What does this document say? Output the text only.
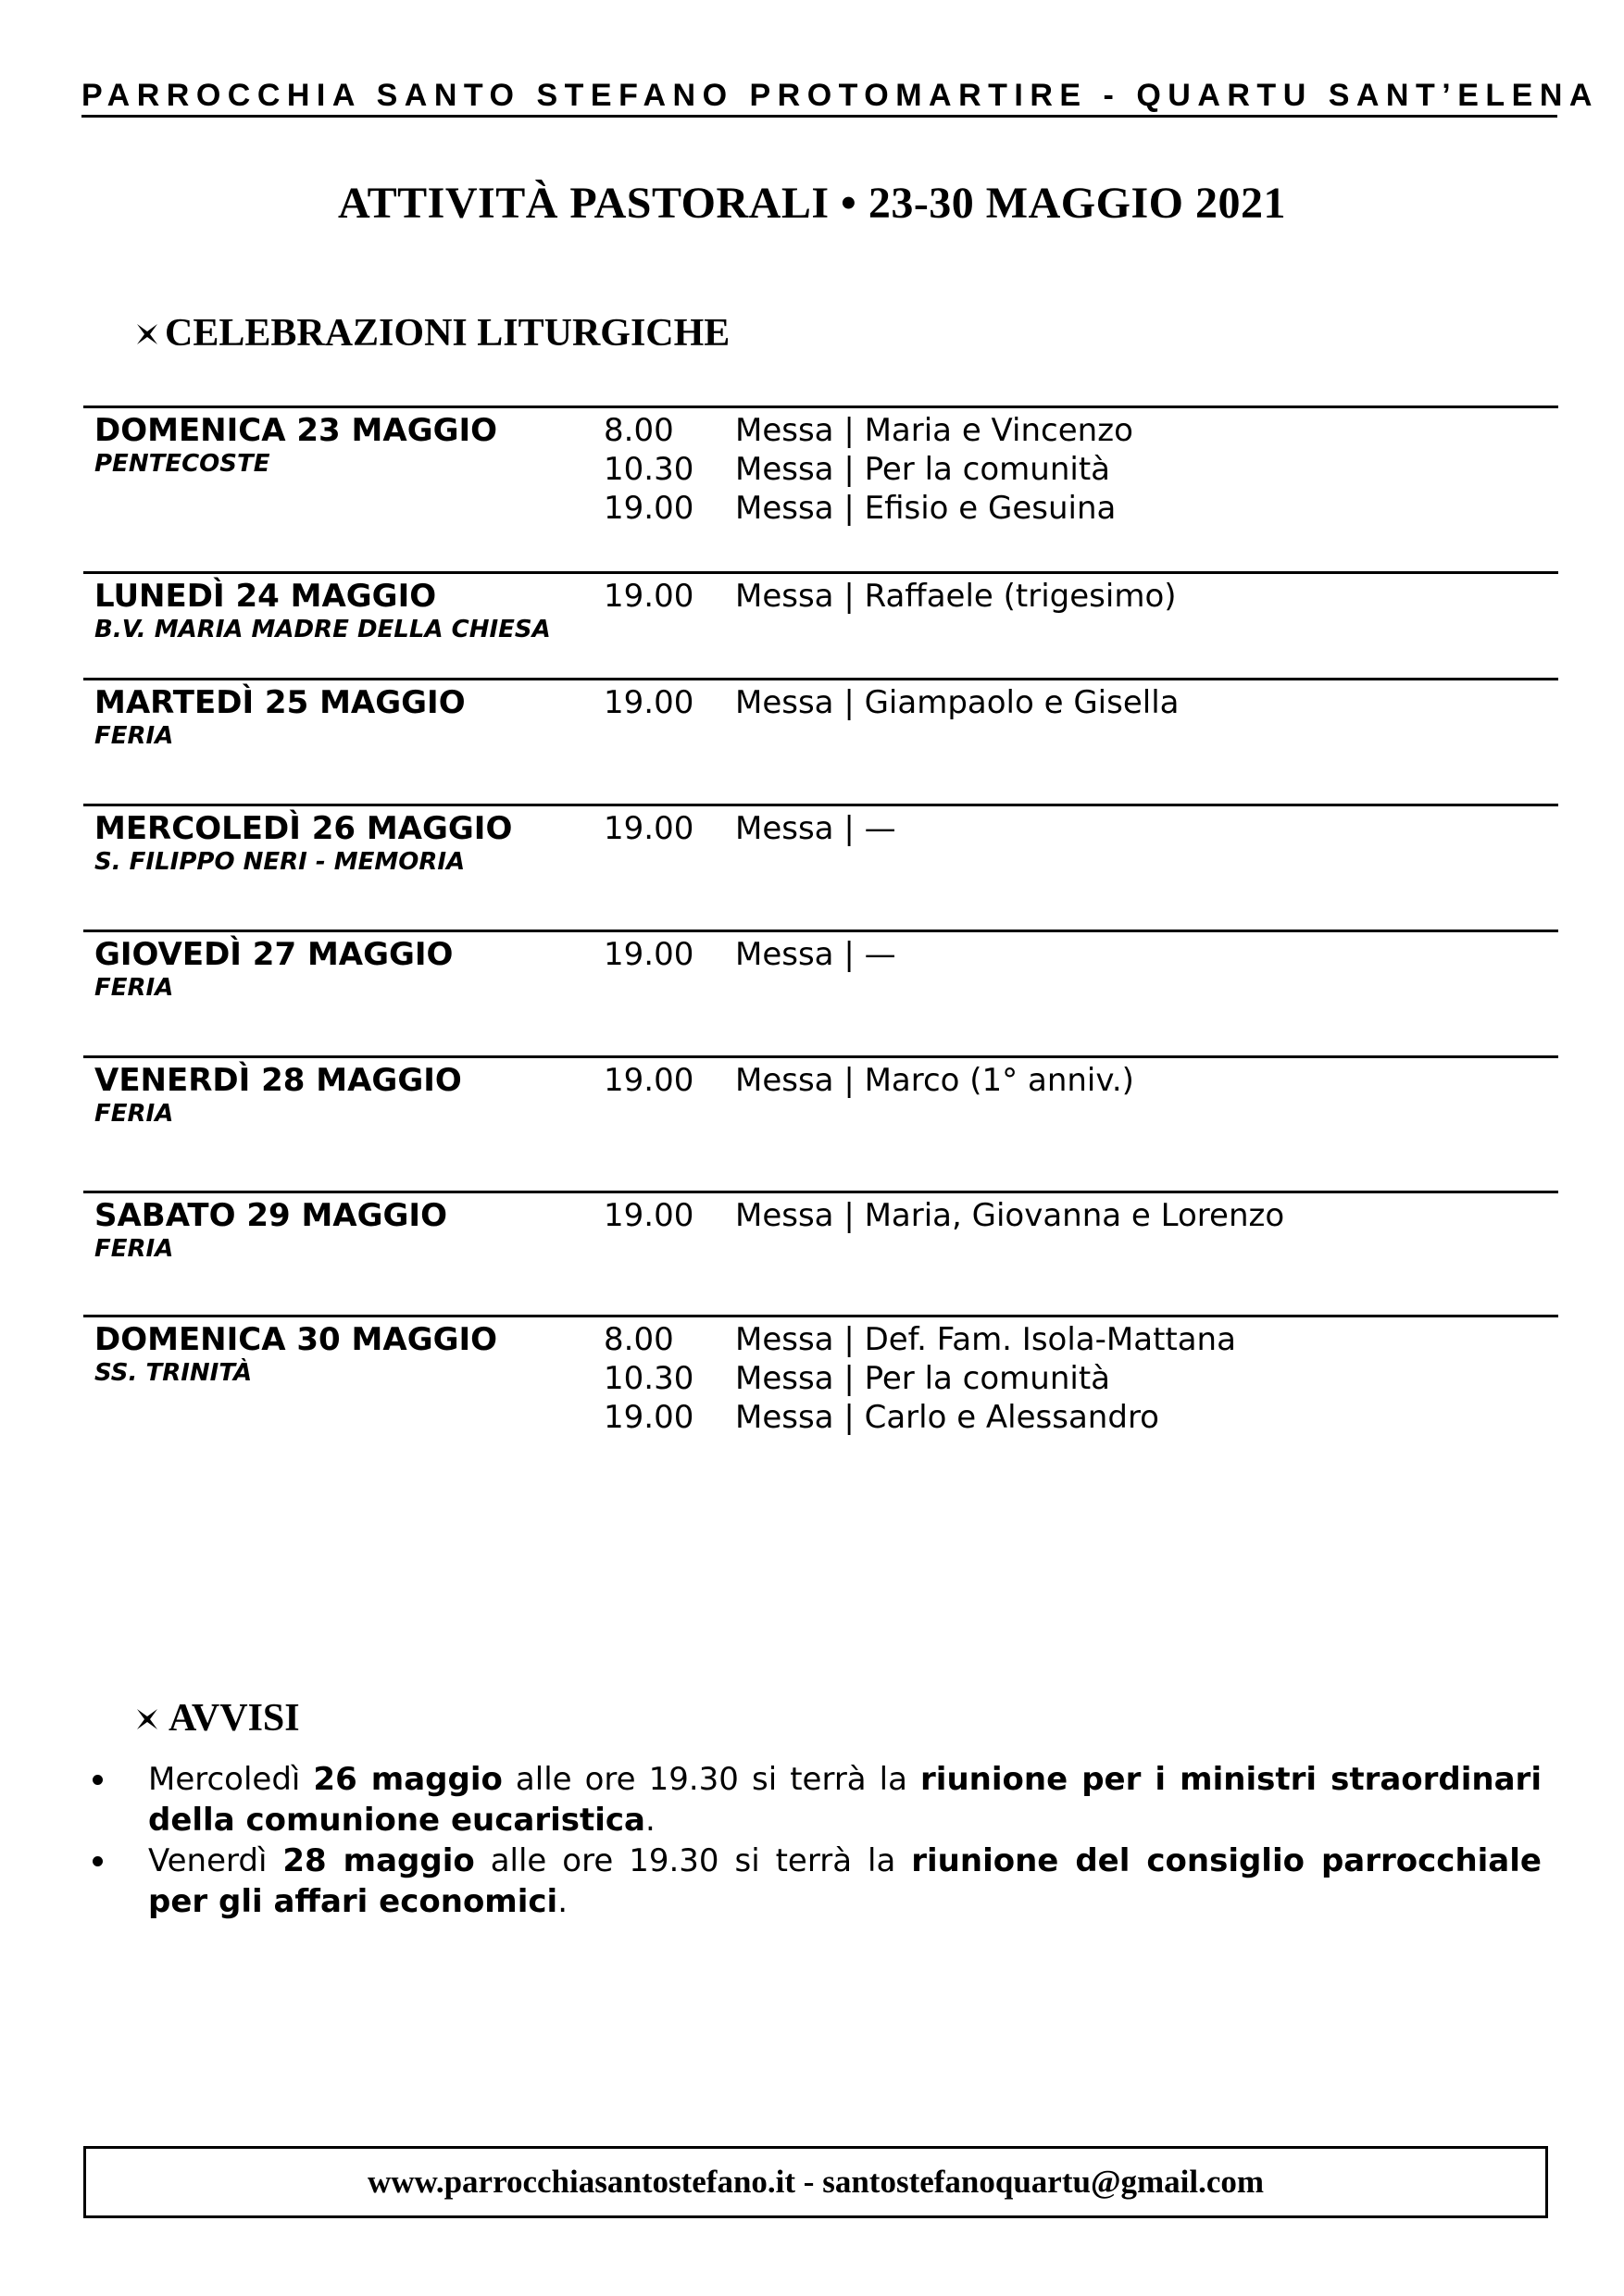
PARROCCHIA SANTO STEFANO PROTOMARTIRE - QUARTU SANT’ELENA
ATTIVITÀ PASTORALI • 23-30 MAGGIO 2021
CELEBRAZIONI LITURGICHE
DOMENICA 23 MAGGIO
PENTECOSTE
8.00 Messa | Maria e Vincenzo
10.30 Messa | Per la comunità
19.00 Messa | Efisio e Gesuina
LUNEDÌ 24 MAGGIO
B.V. MARIA MADRE DELLA CHIESA
19.00 Messa | Raffaele (trigesimo)
MARTEDÌ 25 MAGGIO
FERIA
19.00 Messa | Giampaolo e Gisella
MERCOLEDÌ 26 MAGGIO
S. FILIPPO NERI - MEMORIA
19.00 Messa | —
GIOVEDÌ 27 MAGGIO
FERIA
19.00 Messa | —
VENERDÌ 28 MAGGIO
FERIA
19.00 Messa | Marco (1° anniv.)
SABATO 29 MAGGIO
FERIA
19.00 Messa | Maria, Giovanna e Lorenzo
DOMENICA 30 MAGGIO
SS. TRINITÀ
8.00 Messa | Def. Fam. Isola-Mattana
10.30 Messa | Per la comunità
19.00 Messa | Carlo e Alessandro
AVVISI
Mercoledì 26 maggio alle ore 19.30 si terrà la riunione per i ministri straordinari della comunione eucaristica.
Venerdì 28 maggio alle ore 19.30 si terrà la riunione del consiglio parrocchiale per gli affari economici.
www.parrocchiasantostefano.it - santostefanoquartu@gmail.com
